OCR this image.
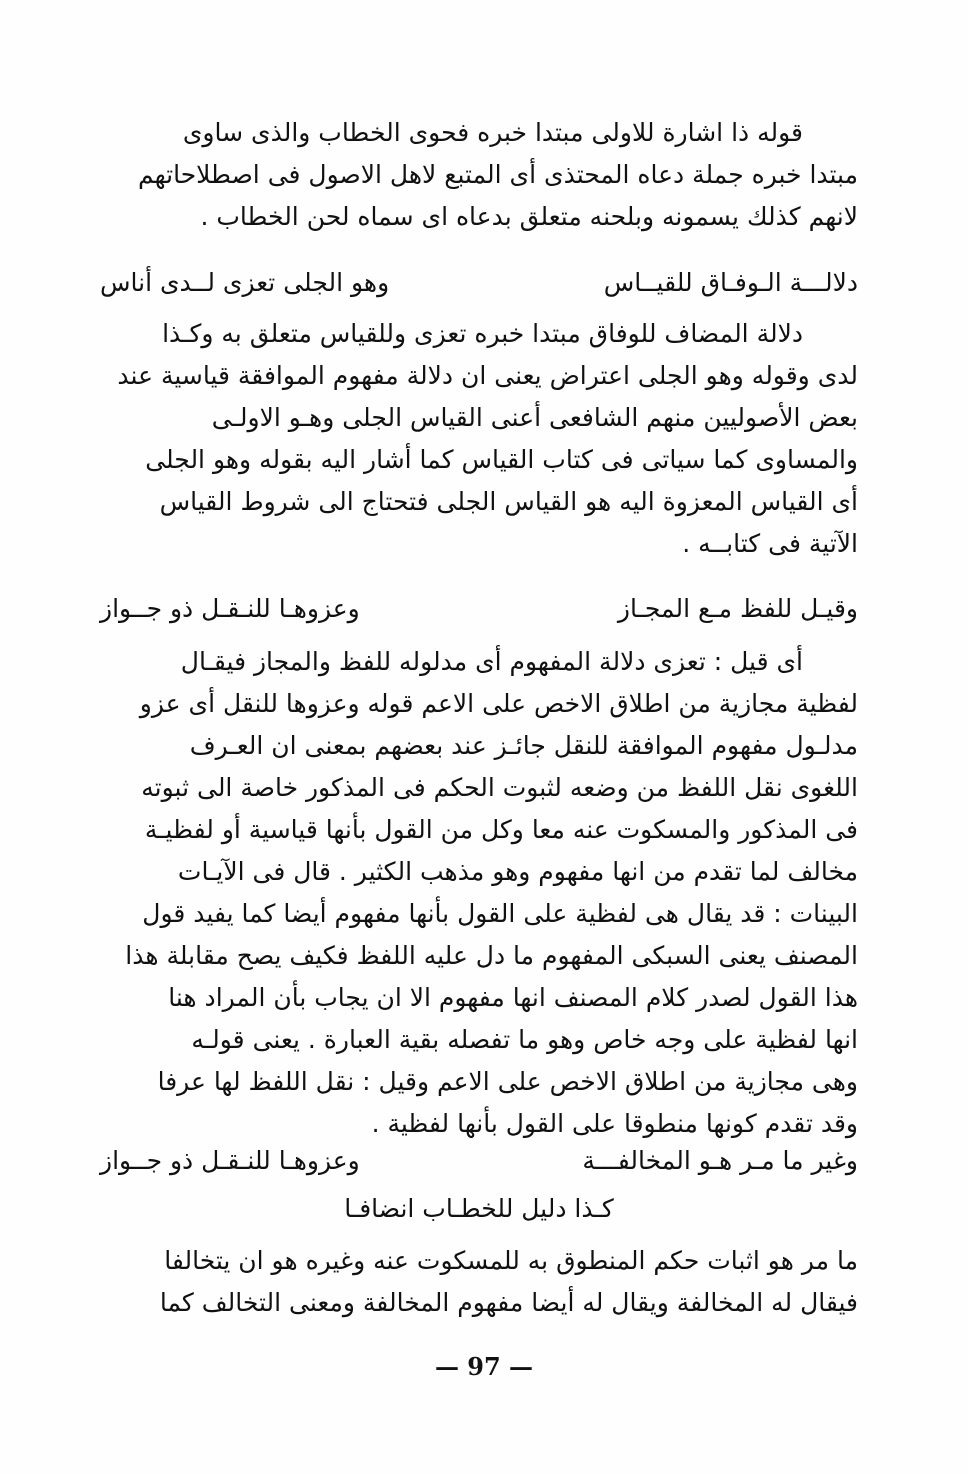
قوله ذا اشارة للاولى مبتدا خبره فحوى الخطاب والذى ساوى

مبتدا خبره جملة دعاه المحتذى أى المتبع لاهل الاصول فى اصطلاحاتهم

لانهم كذلك يسمونه وبلحنه متعلق بدعاه اى سماه لحن الخطاب .

دلالـــة الـوفـاق للقيــاس
وهو الجلى تعزى لــدى أناس

دلالة المضاف للوفاق مبتدا خبره تعزى وللقياس متعلق به وكـذا

لدى وقوله وهو الجلى اعتراض يعنى ان دلالة مفهوم الموافقة قياسية عند

بعض الأصوليين منهم الشافعى أعنى القياس الجلى وهـو الاولـى

والمساوى كما سياتى فى كتاب القياس كما أشار اليه بقوله وهو الجلى

أى القياس المعزوة اليه هو القياس الجلى فتحتاج الى شروط القياس

الآتية فى كتابــه .

وقيـل للفظ مـع المجـاز
وعزوهـا للنـقـل ذو جــواز

أى قيل : تعزى دلالة المفهوم أى مدلوله للفظ والمجاز فيقـال

لفظية مجازية من اطلاق الاخص على الاعم قوله وعزوها للنقل أى عزو

مدلـول مفهوم الموافقة للنقل جائـز عند بعضهم بمعنى ان العـرف

اللغوى نقل اللفظ من وضعه لثبوت الحكم فى المذكور خاصة الى ثبوته

فى المذكور والمسكوت عنه معا وكل من القول بأنها قياسية أو لفظيـة

مخالف لما تقدم من انها مفهوم وهو مذهب الكثير . قال فى الآيـات

البينات : قد يقال هى لفظية على القول بأنها مفهوم أيضا كما يفيد قول

المصنف يعنى السبكى المفهوم ما دل عليه اللفظ فكيف يصح مقابلة هذا

هذا القول لصدر كلام المصنف انها مفهوم الا ان يجاب بأن المراد هنا

انها لفظية على وجه خاص وهو ما تفصله بقية العبارة . يعنى قولـه

وهى مجازية من اطلاق الاخص على الاعم وقيل : نقل اللفظ لها عرفا

وقد تقدم كونها منطوقا على القول بأنها لفظية .

وغير ما مـر هـو المخالفـــة
وعزوهـا للنـقـل ذو جــواز
كـذا دليل للخطـاب انضافـا

ما مر هو اثبات حكم المنطوق به للمسكوت عنه وغيره هو ان يتخالفا

فيقال له المخالفة ويقال له أيضا مفهوم المخالفة ومعنى التخالف كما

— 97 —
